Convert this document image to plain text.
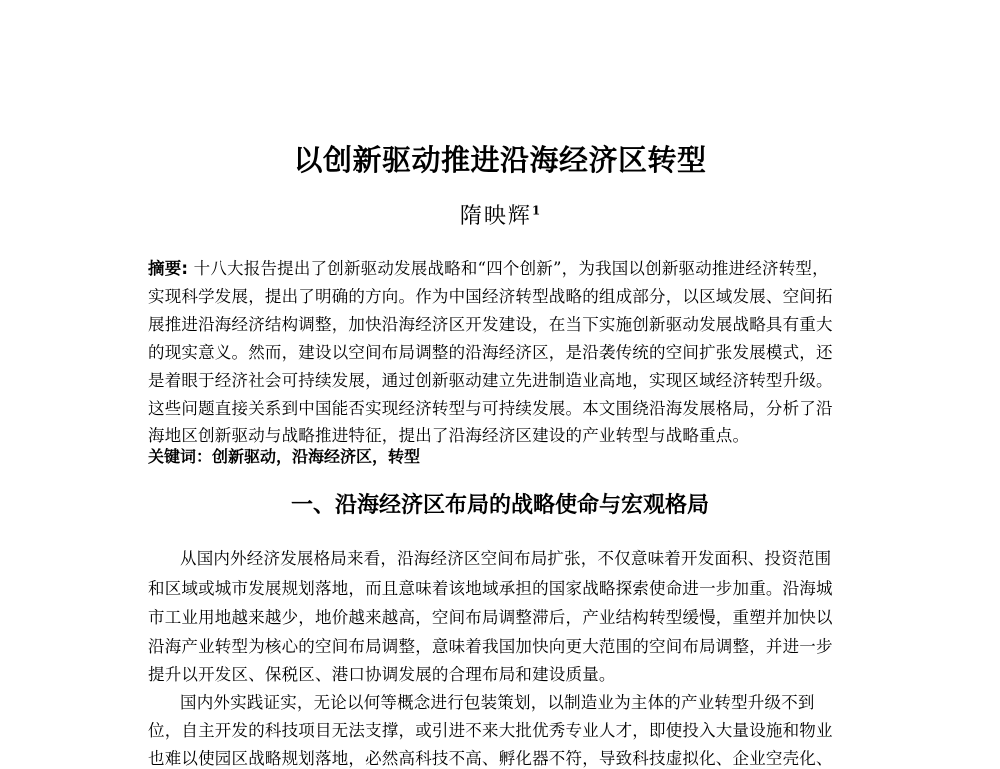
以创新驱动推进沿海经济区转型
隋映辉$^1$
摘要: 十八大报告提出了创新驱动发展战略和“四个创新”，为我国以创新驱动推进经济转型，
实现科学发展，提出了明确的方向。作为中国经济转型战略的组成部分，以区域发展、空间拓
展推进沿海经济结构调整，加快沿海经济区开发建设，在当下实施创新驱动发展战略具有重大
的现实意义。然而，建设以空间布局调整的沿海经济区，是沿袭传统的空间扩张发展模式，还
是着眼于经济社会可持续发展，通过创新驱动建立先进制造业高地，实现区域经济转型升级。
这些问题直接关系到中国能否实现经济转型与可持续发展。本文围绕沿海发展格局，分析了沿
海地区创新驱动与战略推进特征，提出了沿海经济区建设的产业转型与战略重点。
关键词：创新驱动，沿海经济区，转型
一、沿海经济区布局的战略使命与宏观格局
从国内外经济发展格局来看，沿海经济区空间布局扩张，不仅意味着开发面积、投资范围
和区域或城市发展规划落地，而且意味着该地域承担的国家战略探索使命进一步加重。沿海城
市工业用地越来越少，地价越来越高，空间布局调整滞后，产业结构转型缓慢，重塑并加快以
沿海产业转型为核心的空间布局调整，意味着我国加快向更大范围的空间布局调整，并进一步
提升以开发区、保税区、港口协调发展的合理布局和建设质量。
国内外实践证实，无论以何等概念进行包装策划，以制造业为主体的产业转型升级不到
位，自主开发的科技项目无法支撑，或引进不来大批优秀专业人才，即使投入大量设施和物业
也难以使园区战略规划落地，必然高科技不高、孵化器不符，导致科技虚拟化、企业空壳化、
